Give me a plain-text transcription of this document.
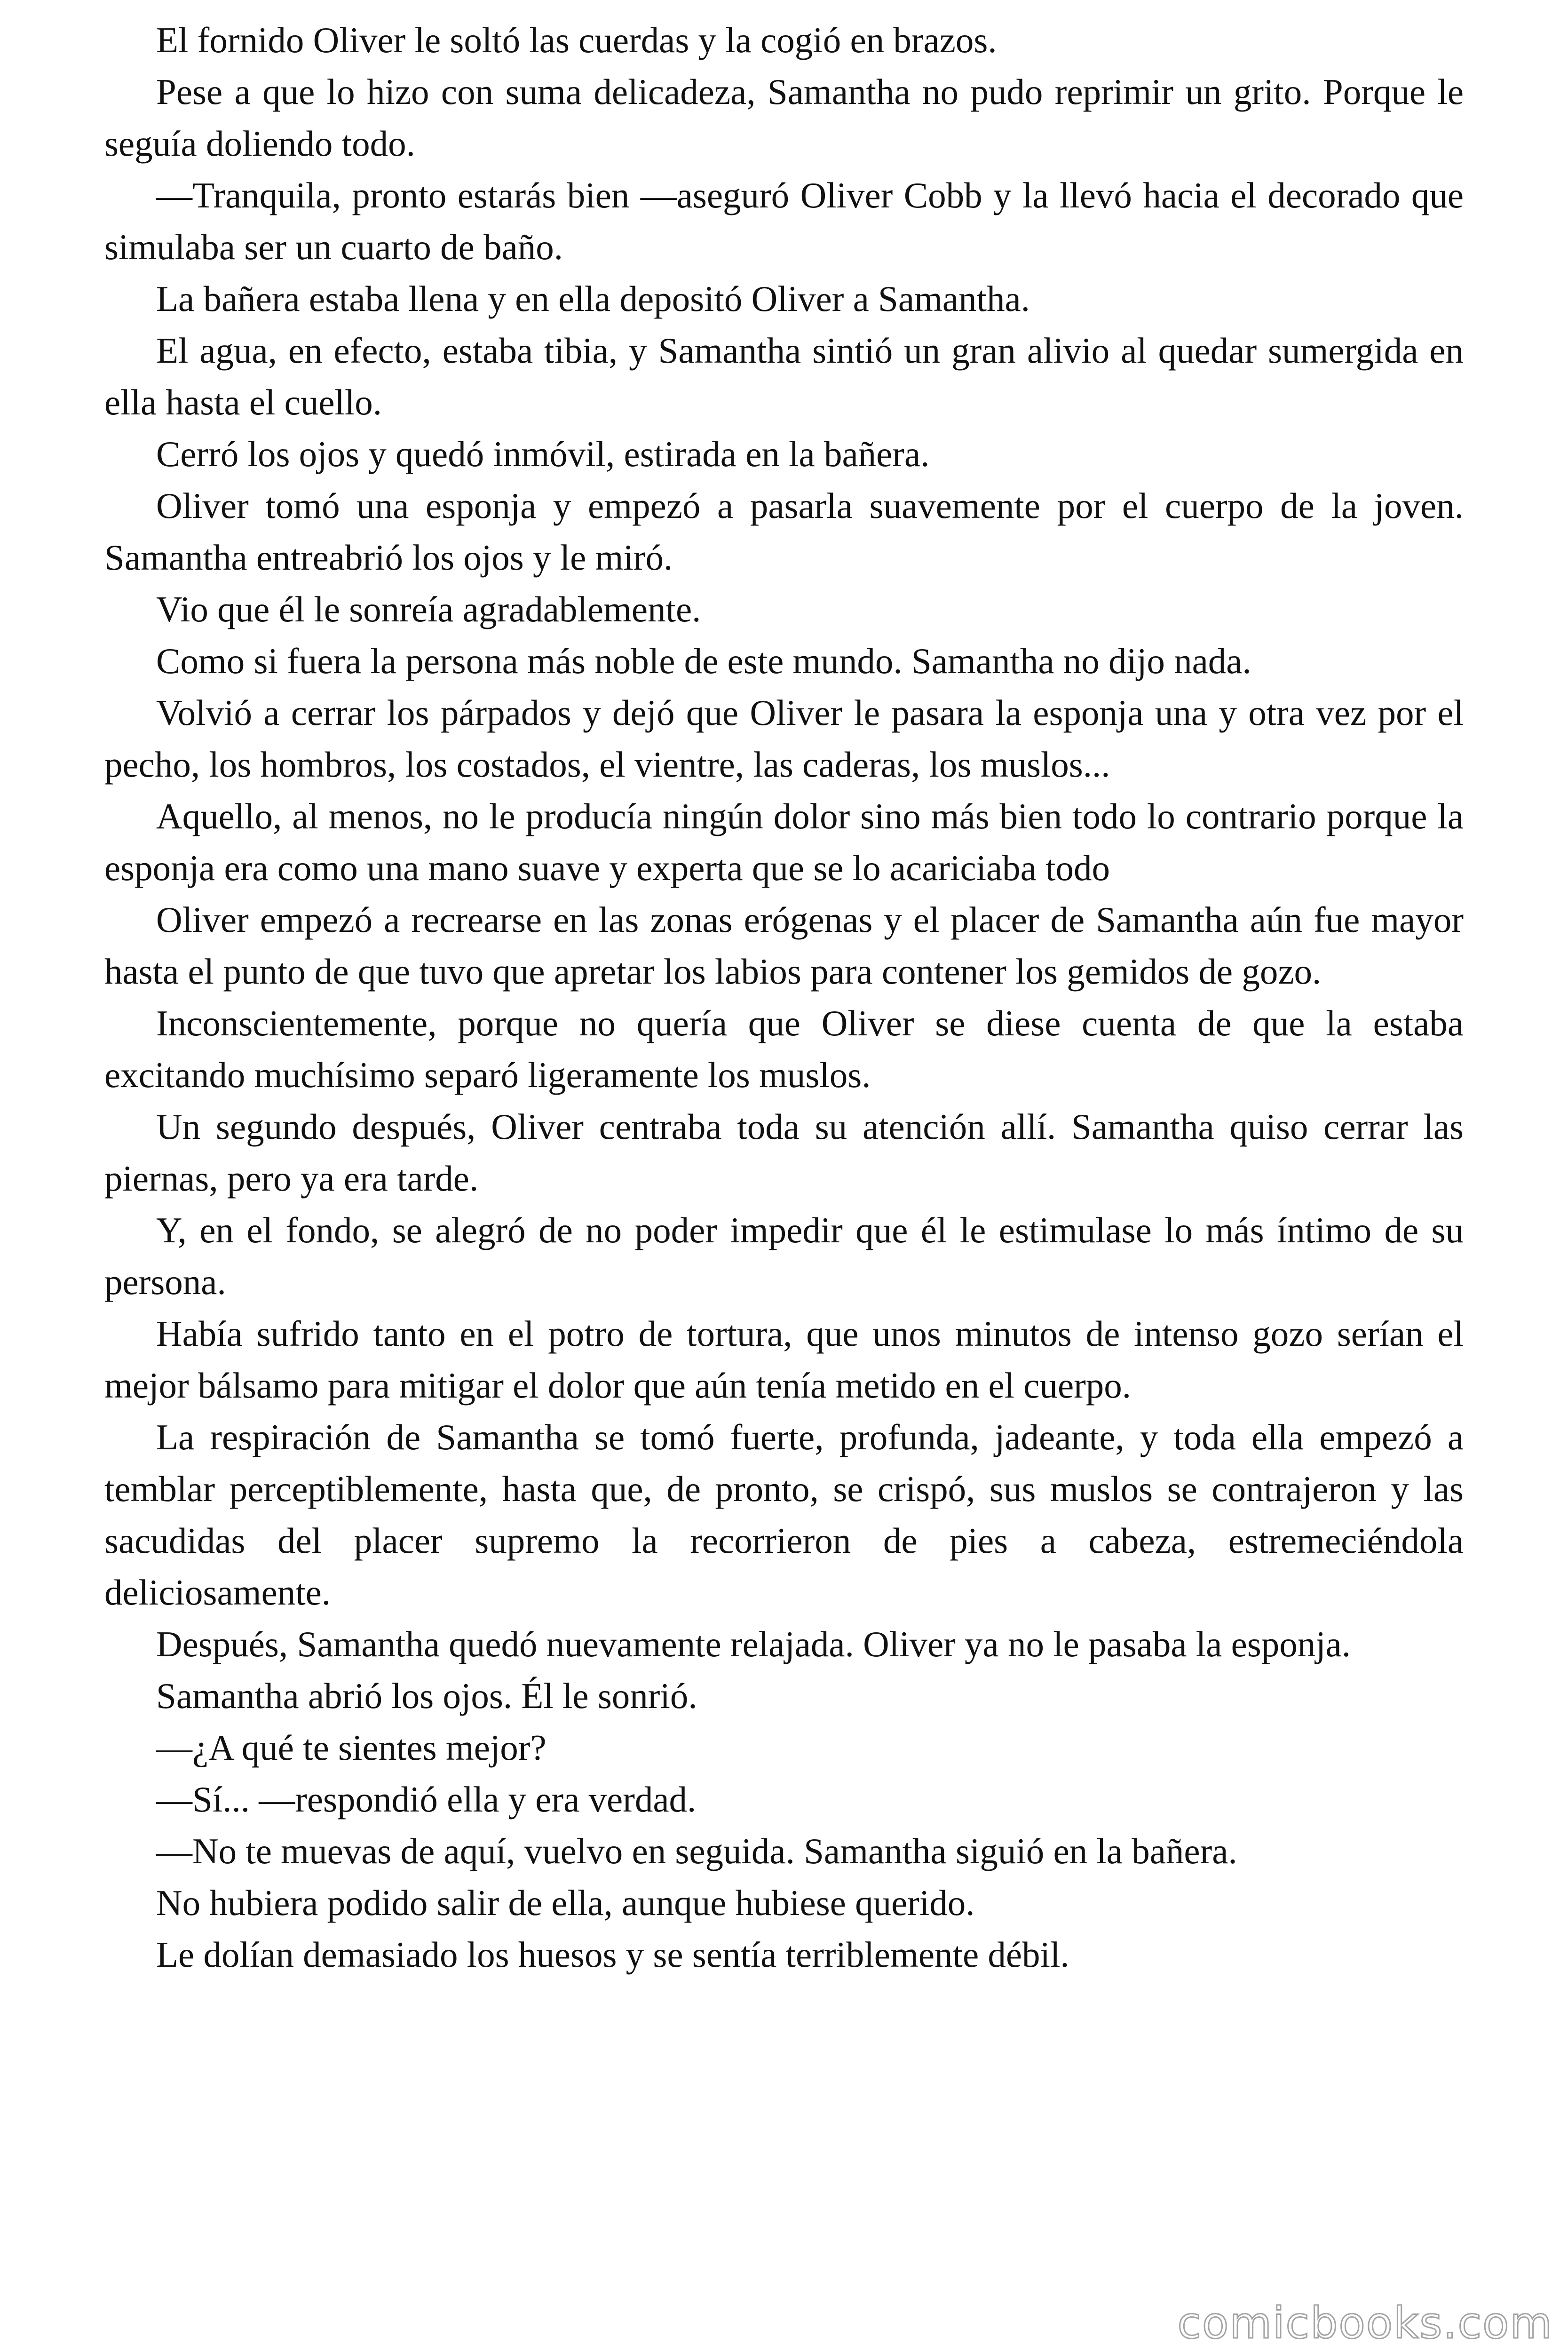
El fornido Oliver le soltó las cuerdas y la cogió en brazos.

Pese a que lo hizo con suma delicadeza, Samantha no pudo reprimir un grito. Porque le seguía doliendo todo.

—Tranquila, pronto estarás bien —aseguró Oliver Cobb y la llevó hacia el decorado que simulaba ser un cuarto de baño.

La bañera estaba llena y en ella depositó Oliver a Samantha.

El agua, en efecto, estaba tibia, y Samantha sintió un gran alivio al quedar sumergida en ella hasta el cuello.

Cerró los ojos y quedó inmóvil, estirada en la bañera.

Oliver tomó una esponja y empezó a pasarla suavemente por el cuerpo de la joven. Samantha entreabrió los ojos y le miró.

Vio que él le sonreía agradablemente.

Como si fuera la persona más noble de este mundo. Samantha no dijo nada.

Volvió a cerrar los párpados y dejó que Oliver le pasara la esponja una y otra vez por el pecho, los hombros, los costados, el vientre, las caderas, los muslos...

Aquello, al menos, no le producía ningún dolor sino más bien todo lo contrario porque la esponja era como una mano suave y experta que se lo acariciaba todo

Oliver empezó a recrearse en las zonas erógenas y el placer de Samantha aún fue mayor hasta el punto de que tuvo que apretar los labios para contener los gemidos de gozo.

Inconscientemente, porque no quería que Oliver se diese cuenta de que la estaba excitando muchísimo separó ligeramente los muslos.

Un segundo después, Oliver centraba toda su atención allí. Samantha quiso cerrar las piernas, pero ya era tarde.

Y, en el fondo, se alegró de no poder impedir que él le estimulase lo más íntimo de su persona.

Había sufrido tanto en el potro de tortura, que unos minutos de intenso gozo serían el mejor bálsamo para mitigar el dolor que aún tenía metido en el cuerpo.

La respiración de Samantha se tomó fuerte, profunda, jadeante, y toda ella empezó a temblar perceptiblemente, hasta que, de pronto, se crispó, sus muslos se contrajeron y las sacudidas del placer supremo la recorrieron de pies a cabeza, estremeciéndola deliciosamente.

Después, Samantha quedó nuevamente relajada. Oliver ya no le pasaba la esponja.

Samantha abrió los ojos. Él le sonrió.

—¿A qué te sientes mejor?

—Sí... —respondió ella y era verdad.

—No te muevas de aquí, vuelvo en seguida. Samantha siguió en la bañera.

No hubiera podido salir de ella, aunque hubiese querido.

Le dolían demasiado los huesos y se sentía terriblemente débil.

comicbooks.com
